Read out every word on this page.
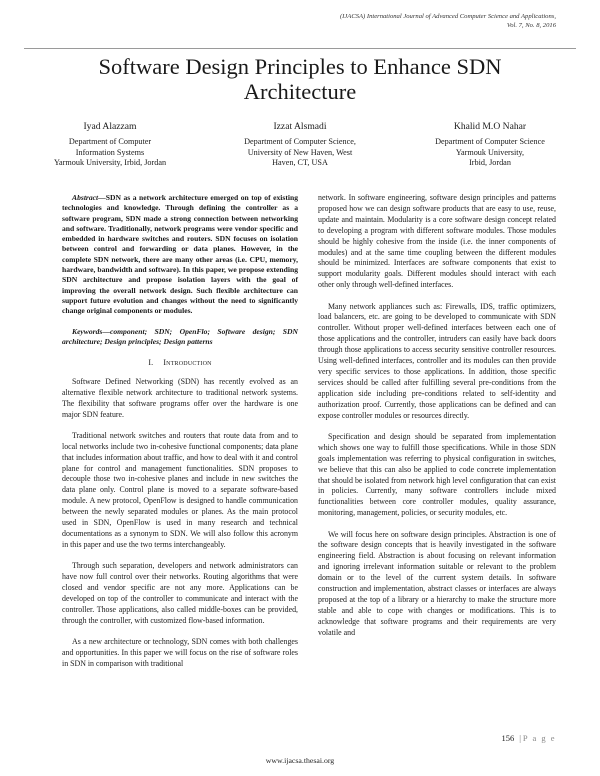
(IJACSA) International Journal of Advanced Computer Science and Applications,
Vol. 7, No. 8, 2016
Software Design Principles to Enhance SDN
Architecture
Iyad Alazzam
Department of Computer
Information Systems
Yarmouk University, Irbid, Jordan
Izzat Alsmadi
Department of Computer Science,
University of New Haven, West
Haven, CT, USA
Khalid M.O Nahar
Department of Computer Science
Yarmouk University,
Irbid, Jordan

Abstract—SDN as a network architecture emerged on top of existing technologies and knowledge. Through defining the controller as a software program, SDN made a strong connection between networking and software. Traditionally, network programs were vendor specific and embedded in hardware switches and routers. SDN focuses on isolation between control and forwarding or data planes. However, in the complete SDN network, there are many other areas (i.e. CPU, memory, hardware, bandwidth and software). In this paper, we propose extending SDN architecture and propose isolation layers with the goal of improving the overall network design. Such flexible architecture can support future evolution and changes without the need to significantly change original components or modules.

Keywords—component; SDN; OpenFlo; Software design; SDN architecture; Design principles; Design patterns

I. Introduction

Software Defined Networking (SDN) has recently evolved as an alternative flexible network architecture to traditional network systems. The flexibility that software programs offer over the hardware is one major SDN feature.

Traditional network switches and routers that route data from and to local networks include two in-cohesive functional components; data plane that includes information about traffic, and how to deal with it and control plane for control and management functionalities. SDN proposes to decouple those two in-cohesive planes and include in new switches the data plane only. Control plane is moved to a separate software-based module. A new protocol, OpenFlow is designed to handle communication between the newly separated modules or planes. As the main protocol used in SDN, OpenFlow is used in many research and technical documentations as a synonym to SDN. We will also follow this acronym in this paper and use the two terms interchangeably.

Through such separation, developers and network administrators can have now full control over their networks. Routing algorithms that were closed and vendor specific are not any more. Applications can be developed on top of the controller to communicate and interact with the controller. Those applications, also called middle-boxes can be provided, through the controller, with customized flow-based information.

As a new architecture or technology, SDN comes with both challenges and opportunities. In this paper we will focus on the rise of software roles in SDN in comparison with traditional

network. In software engineering, software design principles and patterns proposed how we can design software products that are easy to use, reuse, update and maintain. Modularity is a core software design concept related to developing a program with different software modules. Those modules should be highly cohesive from the inside (i.e. the inner components of modules) and at the same time coupling between the different modules should be minimized. Interfaces are software components that exist to support modularity goals. Different modules should interact with each other only through well-defined interfaces.

Many network appliances such as: Firewalls, IDS, traffic optimizers, load balancers, etc. are going to be developed to communicate with SDN controller. Without proper well-defined interfaces between each one of those applications and the controller, intruders can easily have back doors through those applications to access security sensitive controller resources. Using well-defined interfaces, controller and its modules can then provide very specific services to those applications. In addition, those specific services should be called after fulfilling several pre-conditions from the application side including pre-conditions related to self-identity and authorization proof. Currently, those applications can be defined and can expose controller modules or resources directly.

Specification and design should be separated from implementation which shows one way to fulfill those specifications. While in those SDN goals implementation was referring to physical configuration in switches, we believe that this can also be applied to code concrete implementation that should be isolated from network high level configuration that can exist in policies. Currently, many software controllers include mixed functionalities between core controller modules, quality assurance, monitoring, management, policies, or security modules, etc.

We will focus here on software design principles. Abstraction is one of the software design concepts that is heavily investigated in the software engineering field. Abstraction is about focusing on relevant information and ignoring irrelevant information suitable or relevant to the problem domain or to the level of the current system details. In software construction and implementation, abstract classes or interfaces are always proposed at the top of a library or a hierarchy to make the structure more stable and able to cope with changes or modifications. This is to acknowledge that software programs and their requirements are very volatile and

156 | P a g e
www.ijacsa.thesai.org
